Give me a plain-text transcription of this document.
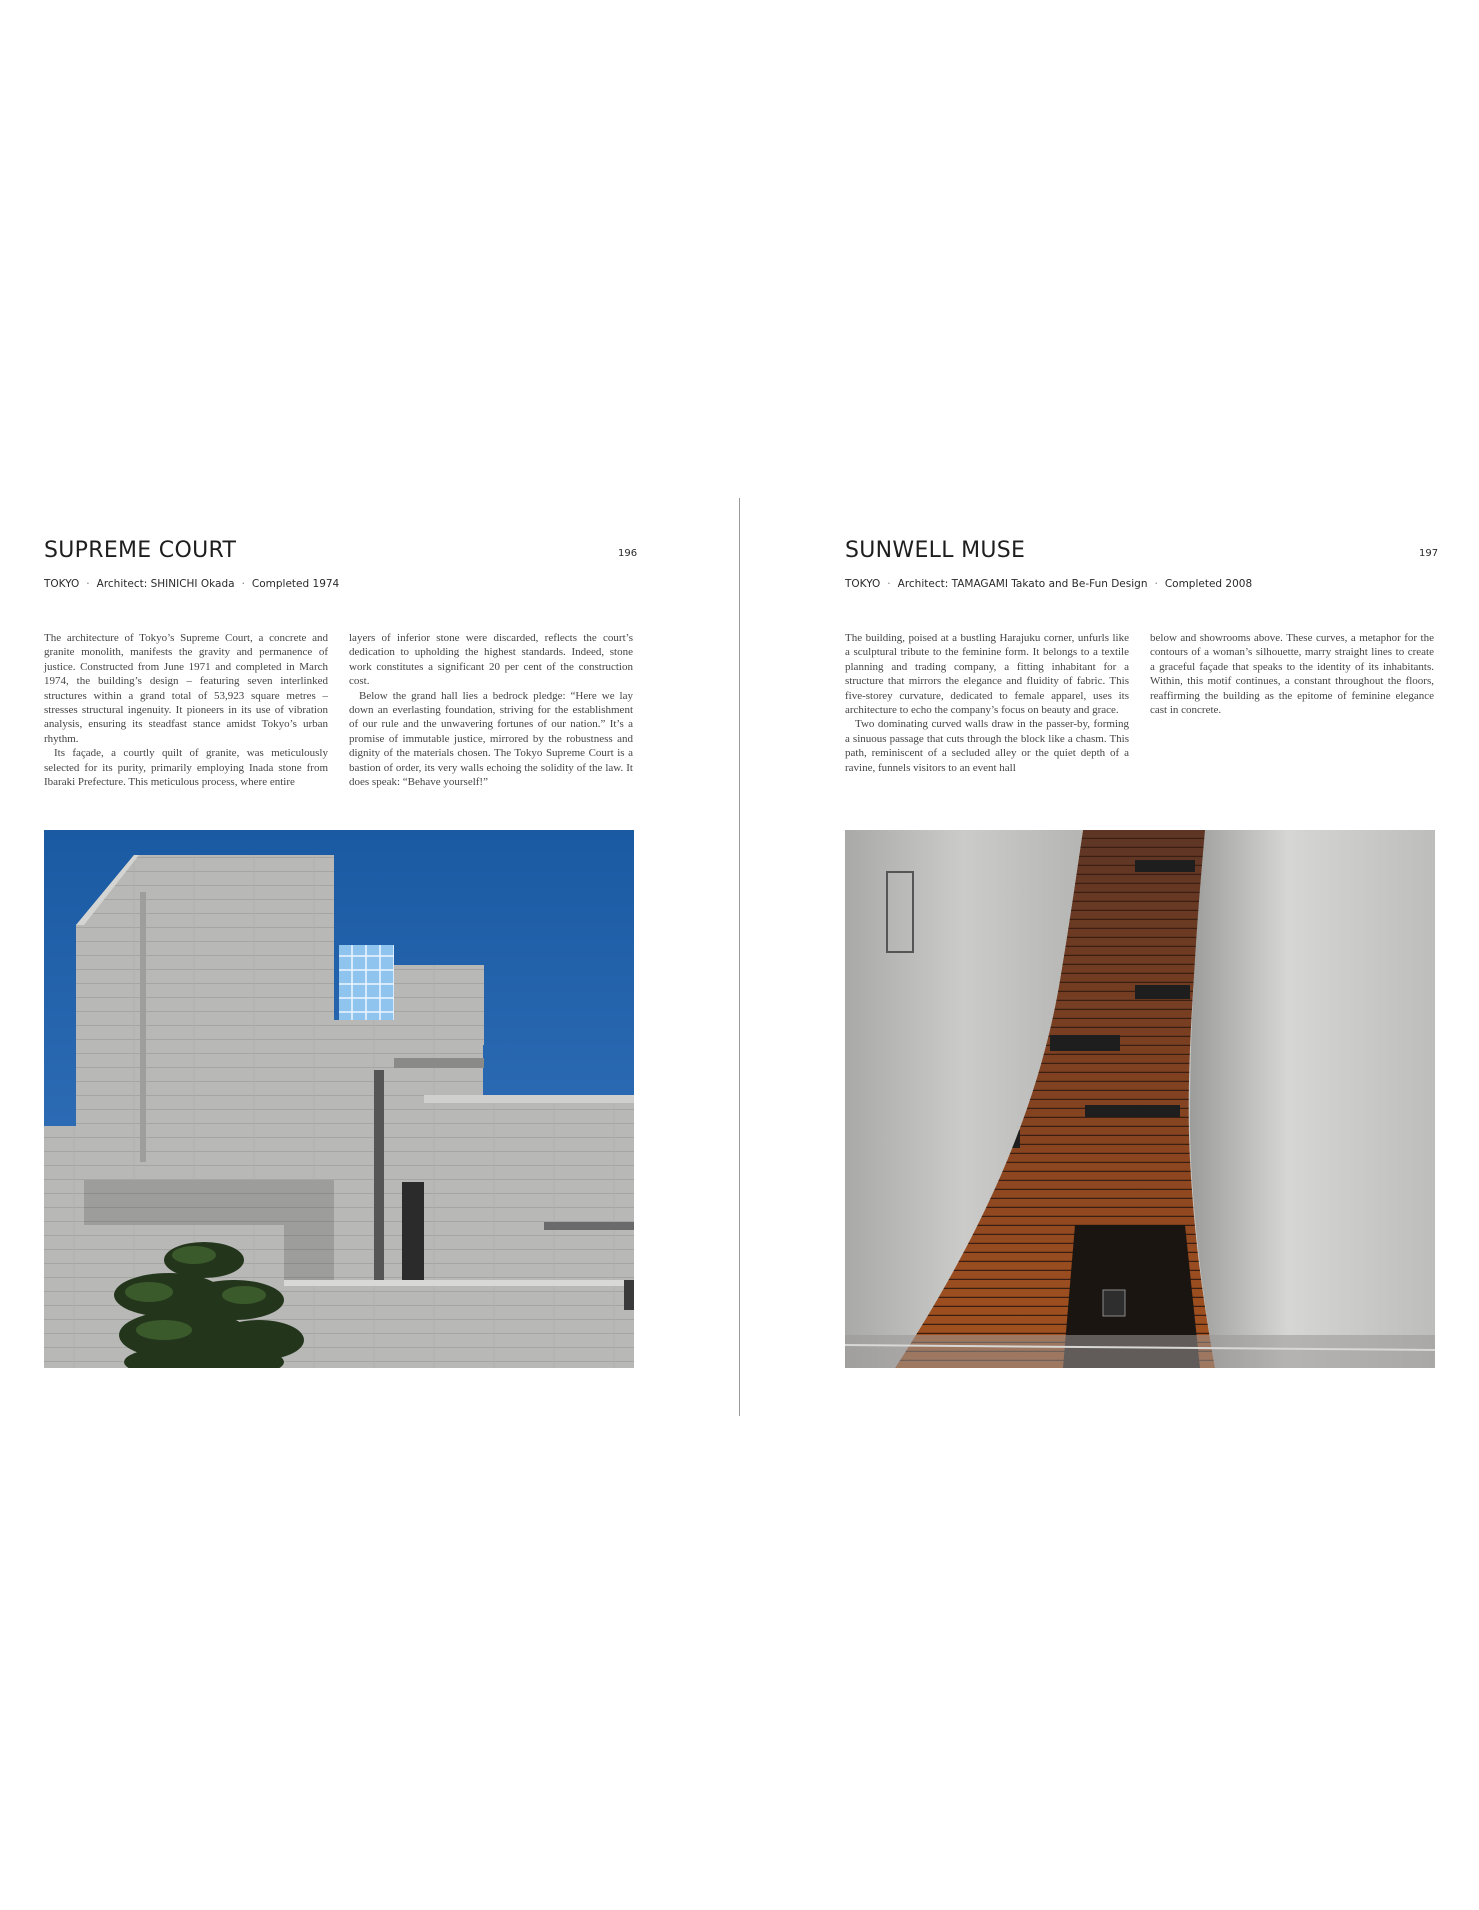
SUPREME COURT	196
TOKYO · Architect: SHINICHI Okada · Completed 1974

The architecture of Tokyo’s Supreme Court, a concrete and granite monolith, manifests the gravity and permanence of justice. Constructed from June 1971 and completed in March 1974, the building’s design – featuring seven interlinked structures within a grand total of 53,923 square metres – stresses structural ingenuity. It pioneers in its use of vibration analysis, ensuring its steadfast stance amidst Tokyo’s urban rhythm.

Its façade, a courtly quilt of granite, was meticulously selected for its purity, primarily employing Inada stone from Ibaraki Prefecture. This meticulous process, where entire

layers of inferior stone were discarded, reflects the court’s dedication to upholding the highest standards. Indeed, stone work constitutes a significant 20 per cent of the construction cost.

Below the grand hall lies a bedrock pledge: “Here we lay down an everlasting foundation, striving for the establishment of our rule and the unwavering fortunes of our nation.” It’s a promise of immutable justice, mirrored by the robustness and dignity of the materials chosen. The Tokyo Supreme Court is a bastion of order, its very walls echoing the solidity of the law. It does speak: “Behave yourself!”

SUNWELL MUSE	197
TOKYO · Architect: TAMAGAMI Takato and Be-Fun Design · Completed 2008

The building, poised at a bustling Harajuku corner, unfurls like a sculptural tribute to the feminine form. It belongs to a textile planning and trading company, a fitting inhabitant for a structure that mirrors the elegance and fluidity of fabric. This five-storey curvature, dedicated to female apparel, uses its architecture to echo the company’s focus on beauty and grace.

Two dominating curved walls draw in the passer-by, forming a sinuous passage that cuts through the block like a chasm. This path, reminiscent of a secluded alley or the quiet depth of a ravine, funnels visitors to an event hall

below and showrooms above. These curves, a metaphor for the contours of a woman’s silhouette, marry straight lines to create a graceful façade that speaks to the identity of its inhabitants. Within, this motif continues, a constant throughout the floors, reaffirming the building as the epitome of feminine elegance cast in concrete.
